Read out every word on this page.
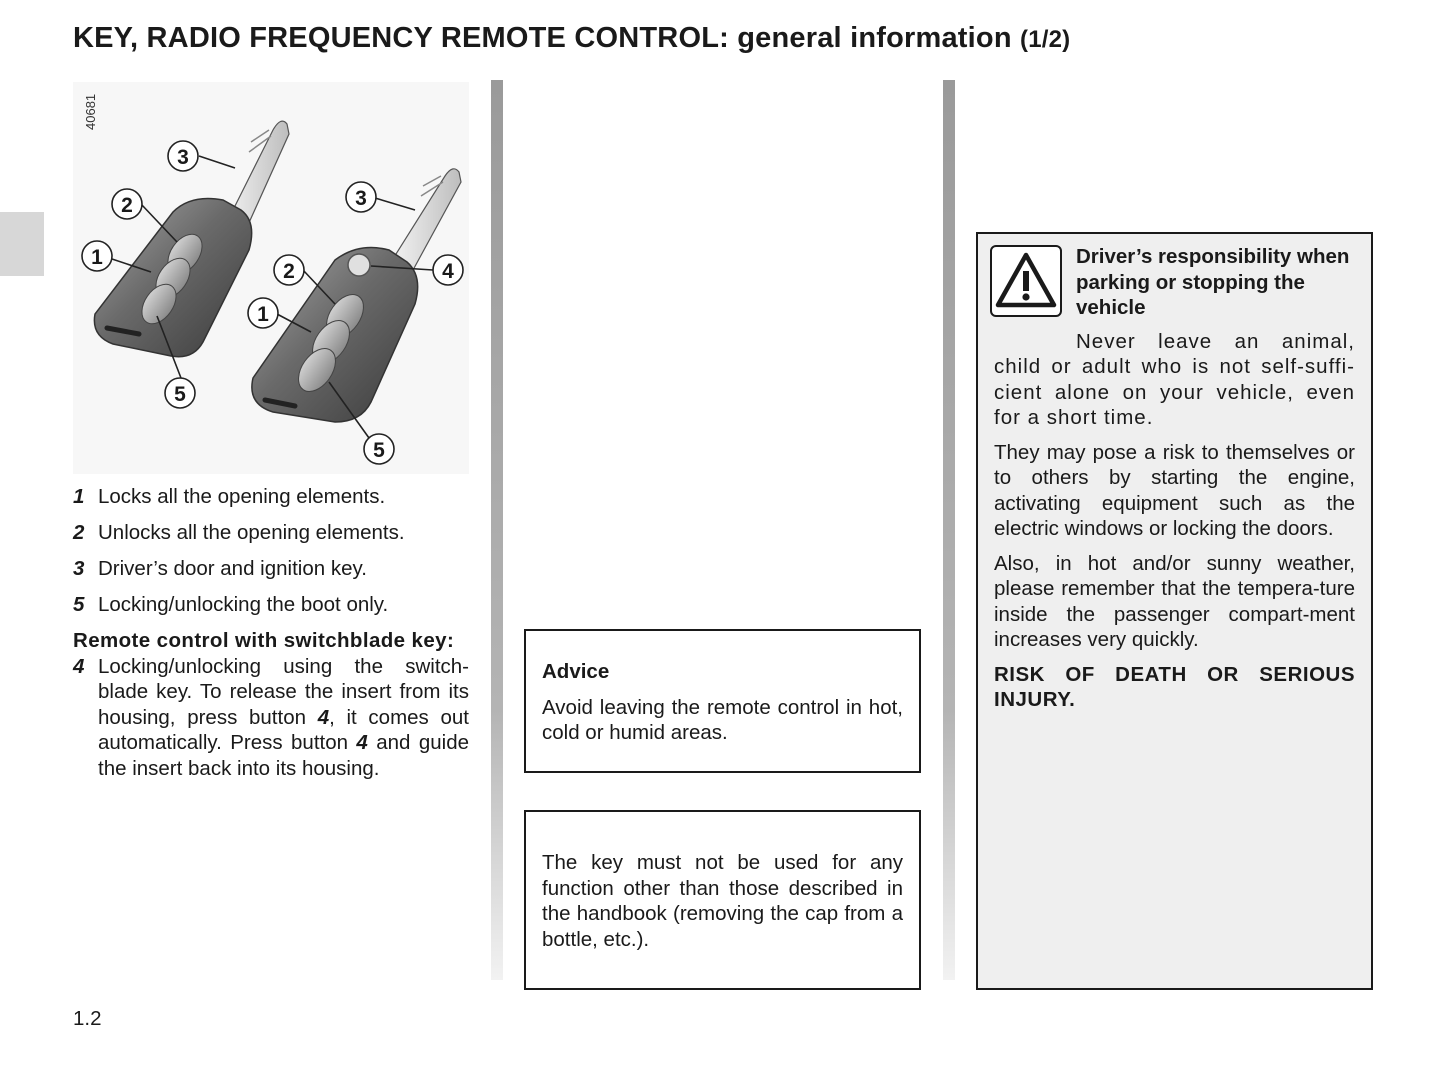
KEY, RADIO FREQUENCY REMOTE CONTROL: general information (1/2)
40681
3
2
1
5
3
4
2
1
5
1 Locks all the opening elements.
2 Unlocks all the opening elements.
3 Driver’s door and ignition key.
5 Locking/unlocking the boot only.
Remote control with switchblade key:
4 Locking/unlocking using the switch-blade key. To release the insert from its housing, press button 4, it comes out automatically. Press button 4 and guide the insert back into its housing.
Advice
Avoid leaving the remote control in hot, cold or humid areas.
The key must not be used for any function other than those described in the handbook (removing the cap from a bottle, etc.).
Driver’s responsibility when parking or stopping the vehicle
Never leave an animal, child or adult who is not self-suffi-cient alone on your vehicle, even for a short time.
They may pose a risk to themselves or to others by starting the engine, activating equipment such as the electric windows or locking the doors.
Also, in hot and/or sunny weather, please remember that the tempera-ture inside the passenger compart-ment increases very quickly.
RISK OF DEATH OR SERIOUS INJURY.
1.2
